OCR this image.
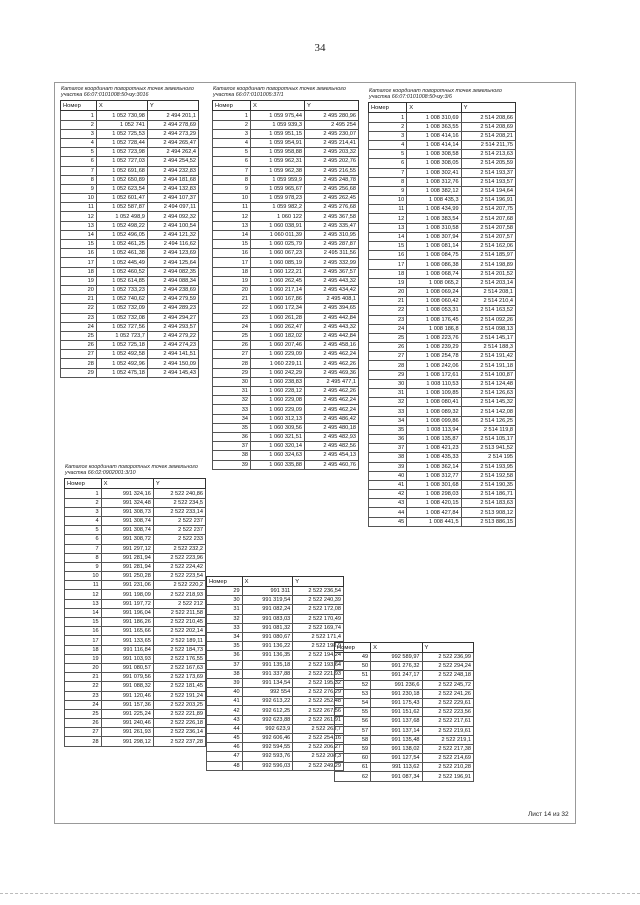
34
Каталог координат поворотных точек земельного участка 66:07:0101008:50чзу:3016
Номер	X	Y
1	1 052 730,98	2 494 201,1
2	1 052 741	2 494 278,69
3	1 052 725,53	2 494 273,29
4	1 052 728,44	2 494 265,47
5	1 052 723,98	2 494 262,4
6	1 052 727,03	2 494 254,52
7	1 052 691,68	2 494 232,83
8	1 052 650,89	2 494 181,68
9	1 052 623,54	2 494 132,83
10	1 052 601,47	2 494 107,37
11	1 052 587,87	2 494 097,11
12	1 052 498,9	2 494 092,32
13	1 052 498,22	2 494 100,54
14	1 052 496,05	2 494 121,32
15	1 052 461,25	2 494 116,62
16	1 052 461,38	2 494 123,69
17	1 052 445,49	2 494 125,64
18	1 052 460,52	2 494 082,35
19	1 052 614,85	2 494 088,34
20	1 052 733,23	2 494 238,69
21	1 052 740,62	2 494 279,59
22	1 052 732,09	2 494 289,23
23	1 052 732,08	2 494 294,27
24	1 052 727,56	2 494 293,57
25	1 052 723,7	2 494 279,22
26	1 052 725,18	2 494 274,23
27	1 052 492,58	2 494 141,51
28	1 052 492,96	2 494 150,09
29	1 052 475,18	2 494 145,43
Каталог координат поворотных точек земельного участка 66:07:0101005:37/1
Номер	X	Y
1	1 059 975,44	2 495 280,96
2	1 059 939,3	2 495 254
3	1 059 951,15	2 495 230,07
4	1 059 954,91	2 495 214,41
5	1 059 958,88	2 495 203,32
6	1 059 962,31	2 495 202,76
7	1 059 962,38	2 495 216,55
8	1 059 959,9	2 495 248,78
9	1 059 965,67	2 495 256,68
10	1 059 978,23	2 495 262,45
11	1 059 982,2	2 495 276,68
12	1 060 122	2 495 367,58
13	1 060 038,91	2 495 335,47
14	1 060 011,39	2 495 310,95
15	1 060 025,79	2 495 287,87
16	1 060 067,23	2 495 311,56
17	1 060 085,19	2 495 332,99
18	1 060 122,21	2 495 367,57
19	1 060 262,45	2 495 443,32
20	1 060 217,14	2 495 434,42
21	1 060 167,86	2 495 408,1
22	1 060 172,34	2 495 394,65
23	1 060 261,28	2 495 442,84
24	1 060 262,47	2 495 443,32
25	1 060 182,02	2 495 442,84
26	1 060 207,46	2 495 458,16
27	1 060 229,09	2 495 462,24
28	1 060 229,11	2 495 462,26
29	1 060 242,29	2 495 469,36
30	1 060 238,83	2 495 477,1
31	1 060 228,12	2 495 462,26
32	1 060 229,08	2 495 462,24
33	1 060 229,09	2 495 462,24
34	1 060 312,13	2 495 486,42
35	1 060 309,56	2 495 480,18
36	1 060 321,51	2 495 482,93
37	1 060 320,14	2 495 482,56
38	1 060 324,63	2 495 454,13
39	1 060 335,88	2 495 460,76
Каталог координат поворотных точек земельного участка 66:07:0101008:50чзу:3/6
Номер	X	Y
1	1 008 310,69	2 514 208,66
2	1 008 363,55	2 514 208,69
3	1 008 414,16	2 514 208,21
4	1 008 414,14	2 514 211,75
5	1 008 308,58	2 514 213,63
6	1 008 308,05	2 514 205,59
7	1 008 302,41	2 514 193,37
8	1 008 312,76	2 514 193,57
9	1 008 382,12	2 514 194,64
10	1 008 435,3	2 514 196,91
11	1 008 434,99	2 514 207,75
12	1 008 383,54	2 514 207,68
13	1 008 310,58	2 514 207,58
14	1 008 307,94	2 514 207,57
15	1 008 081,14	2 514 162,06
16	1 008 084,75	2 514 185,97
17	1 008 086,38	2 514 198,89
18	1 008 068,74	2 514 201,52
19	1 008 065,2	2 514 203,14
20	1 008 069,24	2 514 208,1
21	1 008 060,42	2 514 210,4
22	1 008 053,31	2 514 163,52
23	1 008 176,45	2 514 092,26
24	1 008 186,8	2 514 098,13
25	1 008 223,76	2 514 145,17
26	1 008 239,29	2 514 188,3
27	1 008 254,78	2 514 191,42
28	1 008 242,06	2 514 191,18
29	1 008 172,61	2 514 100,87
30	1 008 110,53	2 514 124,48
31	1 008 109,85	2 514 126,63
32	1 008 080,41	2 514 145,32
33	1 008 089,32	2 514 142,08
34	1 008 099,86	2 514 126,25
35	1 008 113,94	2 514 119,8
36	1 008 135,87	2 514 105,17
37	1 008 421,23	2 513 941,52
38	1 008 435,33	2 514 195
39	1 008 362,14	2 514 193,95
40	1 008 312,77	2 514 192,58
41	1 008 301,68	2 514 190,35
42	1 008 298,03	2 514 186,71
43	1 008 420,15	2 514 183,63
44	1 008 427,84	2 513 908,12
45	1 008 441,5	2 513 886,15
Каталог координат поворотных точек земельного участка 66:02:0902001:3/10
Номер	X	Y
1	991 324,16	2 522 240,86
2	991 324,48	2 522 234,5
3	991 308,73	2 522 233,14
4	991 308,74	2 522 237
5	991 308,74	2 522 237
6	991 308,72	2 522 233
7	991 297,12	2 522 232,2
8	991 281,94	2 522 223,96
9	991 281,94	2 522 224,42
10	991 250,28	2 522 223,54
11	991 231,06	2 522 220,2
12	991 198,09	2 522 218,93
13	991 197,72	2 522 212
14	991 196,04	2 522 211,58
15	991 186,26	2 522 210,45
16	991 165,66	2 522 202,14
17	991 133,65	2 522 189,11
18	991 116,84	2 522 184,73
19	991 103,93	2 522 176,55
20	991 080,57	2 522 167,63
21	991 079,56	2 522 173,69
22	991 088,32	2 522 181,45
23	991 120,46	2 522 191,24
24	991 157,36	2 522 203,25
25	991 225,24	2 522 221,89
26	991 240,46	2 522 226,18
27	991 261,93	2 522 236,14
28	991 298,12	2 522 237,28
Номер	X	Y
29	991 311	2 522 236,54
30	991 319,54	2 522 240,39
31	991 082,24	2 522 172,08
32	991 083,03	2 522 170,49
33	991 081,32	2 522 169,74
34	991 080,67	2 522 171,4
35	991 136,22	2 522 198,9
36	991 136,35	2 522 194,24
37	991 135,18	2 522 193,64
38	991 337,88	2 522 221,93
39	991 134,54	2 522 195,32
40	992 554	2 522 276,29
41	992 613,22	2 522 252,48
42	992 612,25	2 522 267,56
43	992 623,88	2 522 261,91
44	992 623,9	2 522 263,7
45	992 606,46	2 522 254,16
46	992 594,55	2 522 206,27
47	992 593,76	2 522 208,3
48	992 596,03	2 522 249,29
Номер	X	Y
49	992 589,97	2 522 236,99
50	991 276,32	2 522 294,24
51	991 247,17	2 522 248,18
52	991 236,6	2 522 245,72
53	991 230,18	2 522 241,26
54	991 175,43	2 522 229,61
55	991 151,62	2 522 223,56
56	991 137,68	2 522 217,61
57	991 137,14	2 522 219,61
58	991 135,48	2 522 219,1
59	991 138,02	2 522 217,38
60	991 127,54	2 522 214,69
61	991 113,62	2 522 210,28
62	991 087,34	2 522 196,91
Лист 14 из 32
